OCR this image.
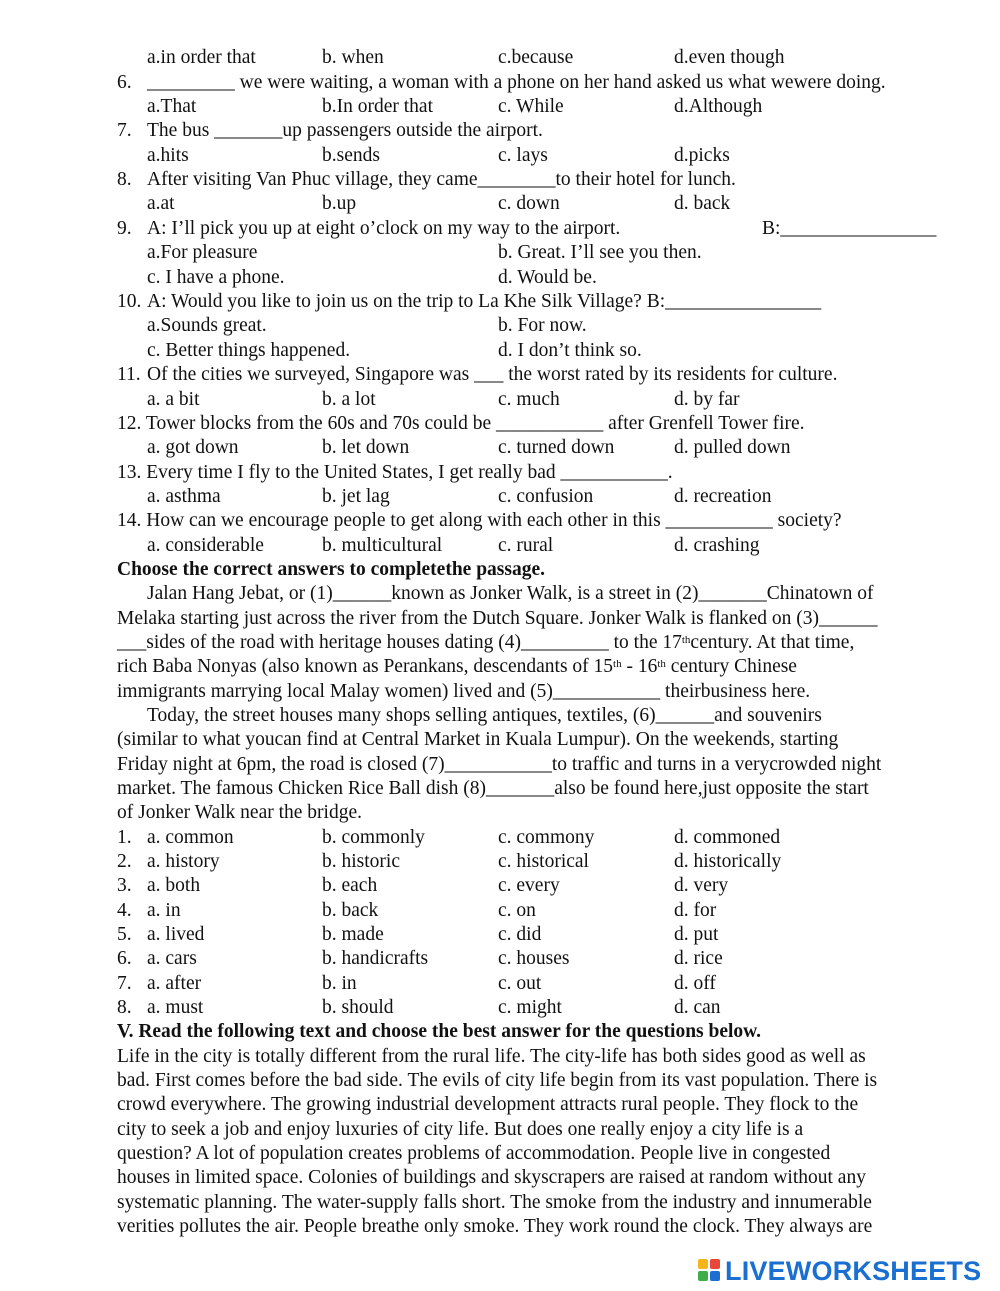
a.in order that	b. when	c.because	d.even though
6. _________ we were waiting, a woman with a phone on her hand asked us what wewere doing.
a.That	b.In order that	c. While	d.Although
7. The bus _______up passengers outside the airport.
a.hits	b.sends	c. lays	d.picks
8. After visiting Van Phuc village, they came________to their hotel for lunch.
a.at	b.up	c. down	d. back
9. A: I’ll pick you up at eight o’clock on my way to the airport.	B:________________
a.For pleasure	b. Great. I’ll see you then.
c. I have a phone.	d. Would be.
10. A: Would you like to join us on the trip to La Khe Silk Village? B:________________
a.Sounds great.	b. For now.
c. Better things happened.	d. I don’t think so.
11. Of the cities we surveyed, Singapore was ___ the worst rated by its residents for culture.
a. a bit	b. a lot	c. much	d. by far
12. Tower blocks from the 60s and 70s could be ___________ after Grenfell Tower fire.
a. got down	b. let down	c. turned down	d. pulled down
13. Every time I fly to the United States, I get really bad ___________.
a. asthma	b. jet lag	c. confusion	d. recreation
14. How can we encourage people to get along with each other in this ___________ society?
a. considerable	b. multicultural	c. rural	d. crashing
Choose the correct answers to completethe passage.
Jalan Hang Jebat, or (1)______known as Jonker Walk, is a street in (2)_______Chinatown of
Melaka starting just across the river from the Dutch Square. Jonker Walk is flanked on (3)______
___sides of the road with heritage houses dating (4)_________ to the 17thcentury. At that time,
rich Baba Nonyas (also known as Perankans, descendants of 15th - 16th century Chinese
immigrants marrying local Malay women) lived and (5)___________ theirbusiness here.
Today, the street houses many shops selling antiques, textiles, (6)______and souvenirs
(similar to what youcan find at Central Market in Kuala Lumpur). On the weekends, starting
Friday night at 6pm, the road is closed (7)___________to traffic and turns in a verycrowded night
market. The famous Chicken Rice Ball dish (8)_______also be found here,just opposite the start
of Jonker Walk near the bridge.
1. a. common	b. commonly	c. commony	d. commoned
2. a. history	b. historic	c. historical	d. historically
3. a. both	b. each	c. every	d. very
4. a. in	b. back	c. on	d. for
5. a. lived	b. made	c. did	d. put
6. a. cars	b. handicrafts	c. houses	d. rice
7. a. after	b. in	c. out	d. off
8. a. must	b. should	c. might	d. can
V. Read the following text and choose the best answer for the questions below.
Life in the city is totally different from the rural life. The city-life has both sides good as well as
bad. First comes before the bad side. The evils of city life begin from its vast population. There is
crowd everywhere. The growing industrial development attracts rural people. They flock to the
city to seek a job and enjoy luxuries of city life. But does one really enjoy a city life is a
question? A lot of population creates problems of accommodation. People live in congested
houses in limited space. Colonies of buildings and skyscrapers are raised at random without any
systematic planning. The water-supply falls short. The smoke from the industry and innumerable
verities pollutes the air. People breathe only smoke. They work round the clock. They always are
LIVEWORKSHEETS
